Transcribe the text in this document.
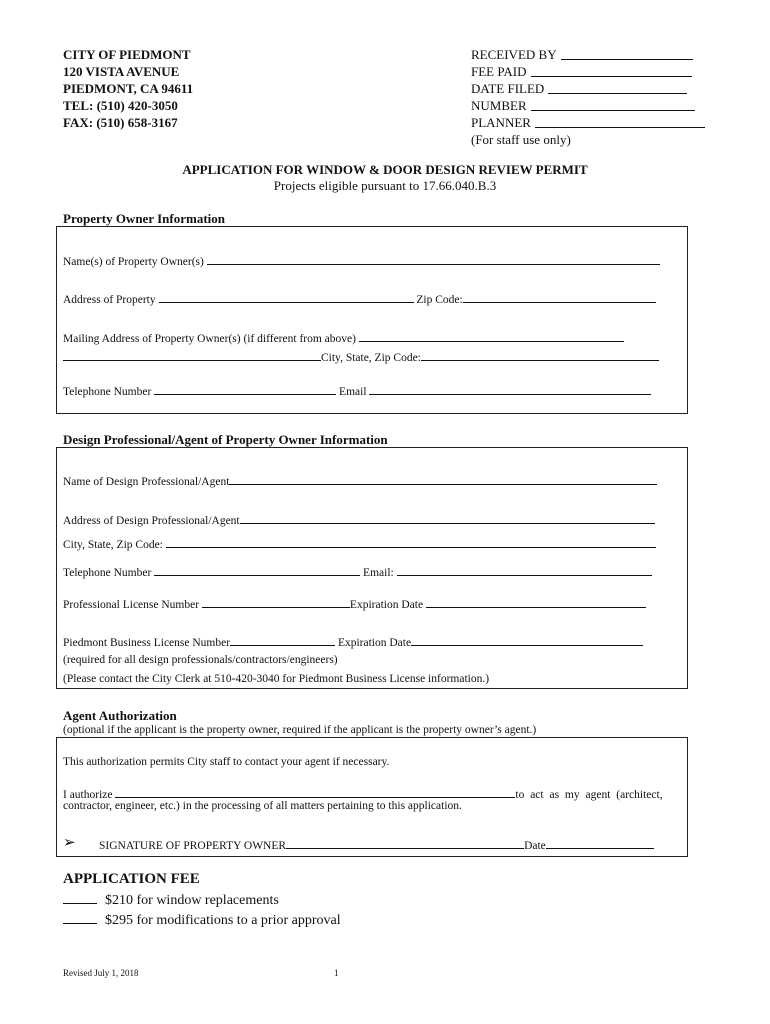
CITY OF PIEDMONT
120 VISTA AVENUE
PIEDMONT, CA 94611
TEL: (510) 420-3050
FAX: (510) 658-3167
RECEIVED BY
FEE PAID
DATE FILED
NUMBER
PLANNER
(For staff use only)
APPLICATION FOR WINDOW & DOOR DESIGN REVIEW PERMIT
Projects eligible pursuant to 17.66.040.B.3
Property Owner Information
Name(s) of Property Owner(s)
Address of Property	Zip Code:
Mailing Address of Property Owner(s) (if different from above)
City, State, Zip Code:
Telephone Number	Email
Design Professional/Agent of Property Owner Information
Name of Design Professional/Agent
Address of Design Professional/Agent
City, State, Zip Code:
Telephone Number	Email:
Professional License Number	Expiration Date
Piedmont Business License Number	Expiration Date
(required for all design professionals/contractors/engineers)
(Please contact the City Clerk at 510-420-3040 for Piedmont Business License information.)
Agent Authorization
(optional if the applicant is the property owner, required if the applicant is the property owner’s agent.)
This authorization permits City staff to contact your agent if necessary.
I authorize	to act as my agent (architect,
contractor, engineer, etc.) in the processing of all matters pertaining to this application.
➢ SIGNATURE OF PROPERTY OWNER	Date
APPLICATION FEE
$210 for window replacements
$295 for modifications to a prior approval
Revised July 1, 2018	1
